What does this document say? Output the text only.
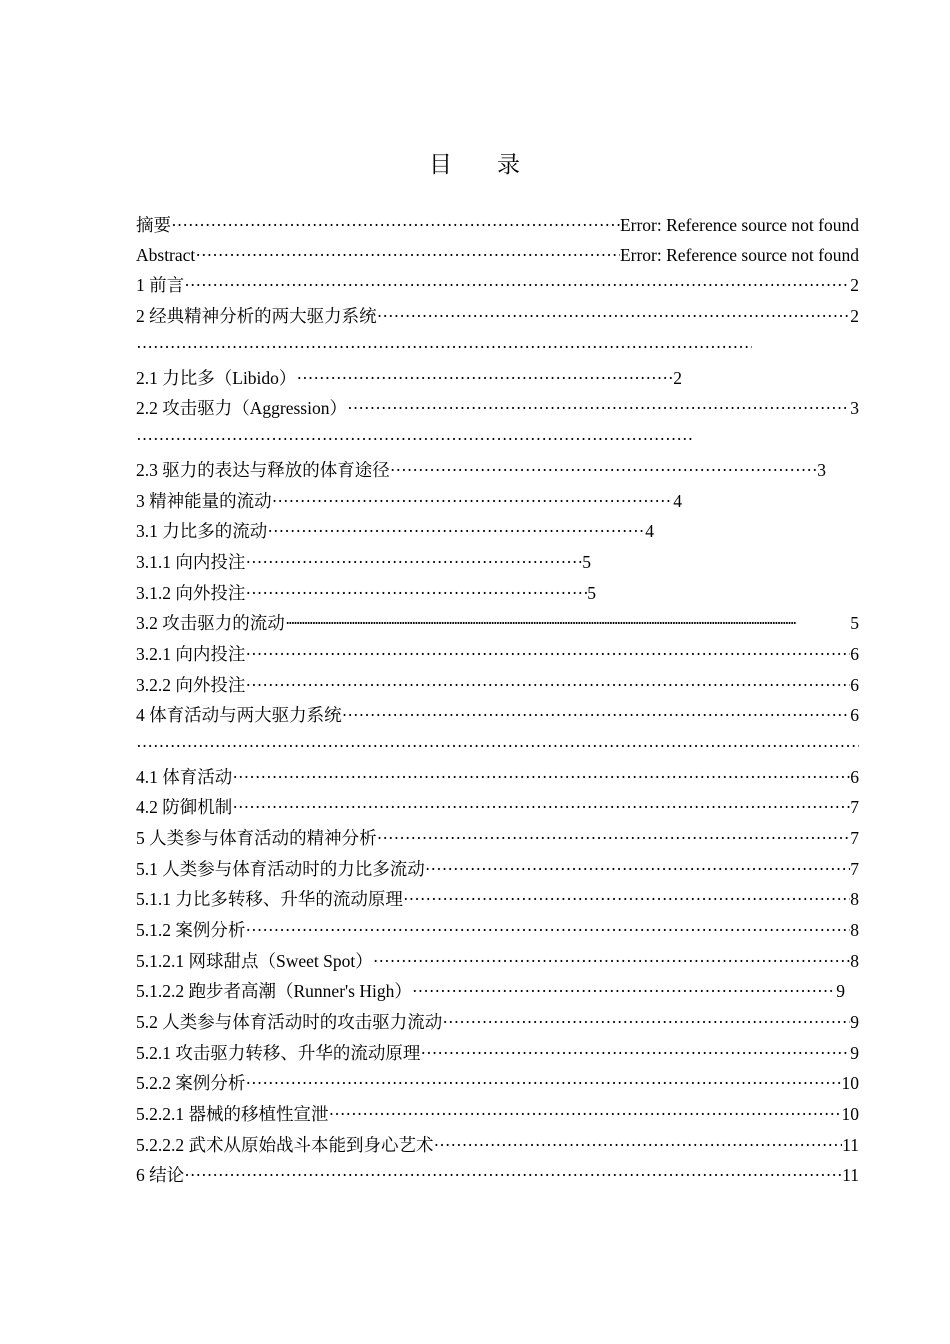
目 录
摘要 ·····	Error: Reference source not found
Abstract ·····	Error: Reference source not found
1 前言 ·····	2
2 经典精神分析的两大驱力系统 ·····	2
·····
2.1 力比多（Libido） ·····	2
2.2 攻击驱力（Aggression） ·····	3
·····
2.3 驱力的表达与释放的体育途径 ·····	3
3 精神能量的流动 ·····	4
3.1 力比多的流动 ·····	4
3.1.1 向内投注 ·····	5
3.1.2 向外投注 ·····	5
3.2 攻击驱力的流动 ·····	5
3.2.1 向内投注 ·····	6
3.2.2 向外投注 ·····	6
4 体育活动与两大驱力系统 ·····	6
·····
4.1 体育活动 ·····	6
4.2 防御机制 ·····	7
5 人类参与体育活动的精神分析 ·····	7
5.1 人类参与体育活动时的力比多流动 ·····	7
5.1.1 力比多转移、升华的流动原理 ·····	8
5.1.2 案例分析 ·····	8
5.1.2.1 网球甜点（Sweet Spot） ·····	8
5.1.2.2 跑步者高潮（Runner's High） ·····	9
5.2 人类参与体育活动时的攻击驱力流动 ·····	9
5.2.1 攻击驱力转移、升华的流动原理 ·····	9
5.2.2 案例分析 ·····	10
5.2.2.1 器械的移植性宣泄 ·····	10
5.2.2.2 武术从原始战斗本能到身心艺术 ·····	11
6 结论 ·····	11
